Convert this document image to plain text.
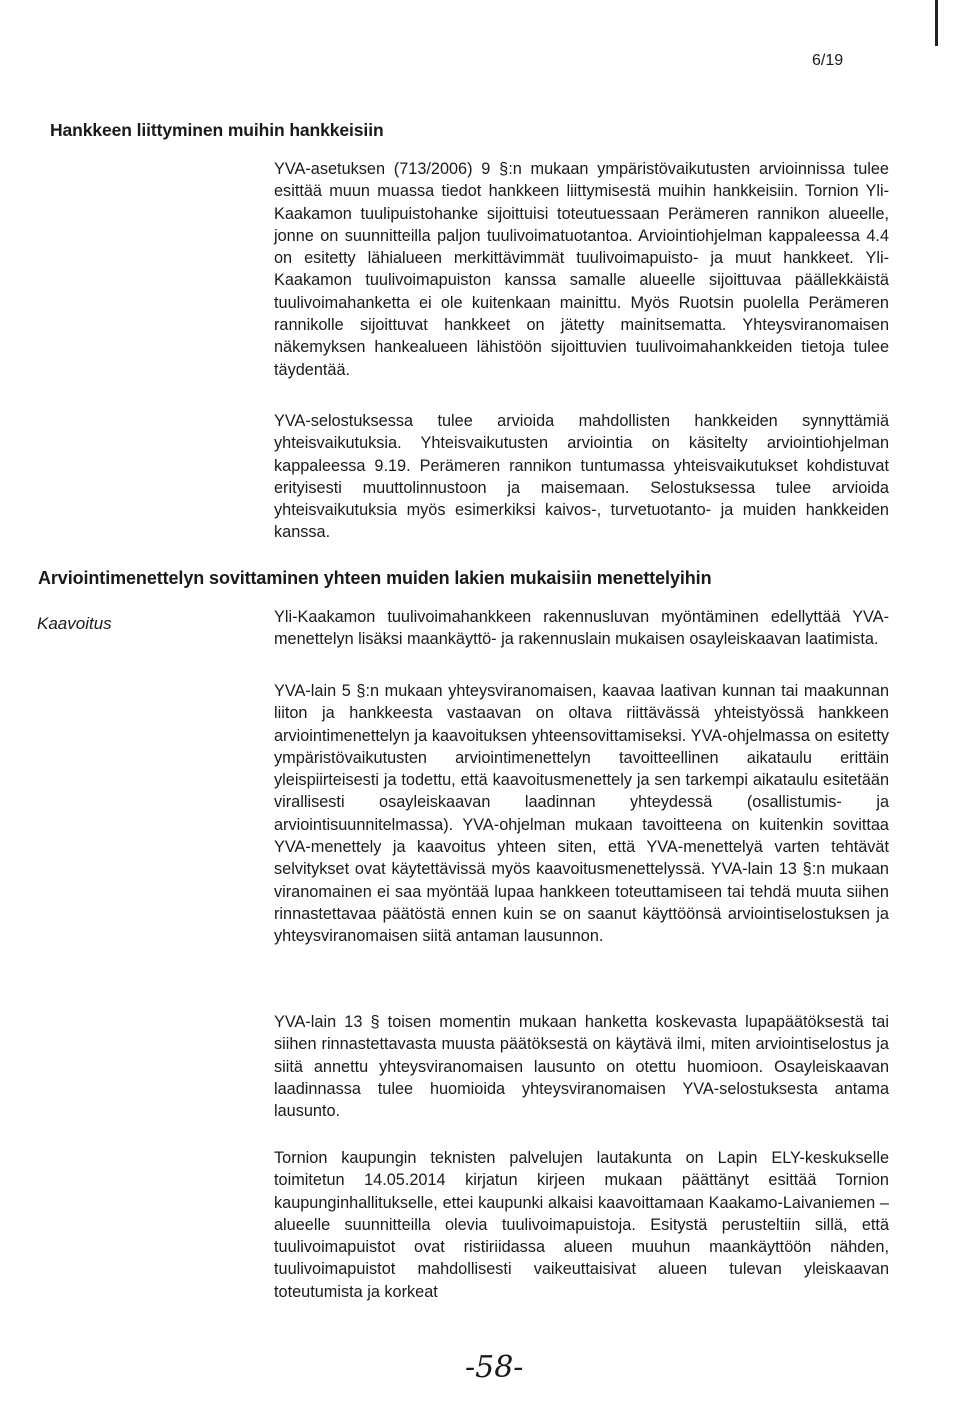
6/19
Hankkeen liittyminen muihin hankkeisiin

YVA-asetuksen (713/2006) 9 §:n mukaan ympäristövaikutusten arvioinnissa tulee esittää muun muassa tiedot hankkeen liittymisestä muihin hankkeisiin. Tornion Yli-Kaakamon tuulipuistohanke sijoittuisi toteutuessaan Perämeren rannikon alueelle, jonne on suunnitteilla paljon tuulivoimatuotantoa. Arviointiohjelman kappaleessa 4.4 on esitetty lähialueen merkittävimmät tuulivoimapuisto- ja muut hankkeet. Yli-Kaakamon tuulivoimapuiston kanssa samalle alueelle sijoittuvaa päällekkäistä tuulivoimahanketta ei ole kuitenkaan mainittu. Myös Ruotsin puolella Perämeren rannikolle sijoittuvat hankkeet on jätetty mainitsematta. Yhteysviranomaisen näkemyksen hankealueen lähistöön sijoittuvien tuulivoimahankkeiden tietoja tulee täydentää.

YVA-selostuksessa tulee arvioida mahdollisten hankkeiden synnyttämiä yhteisvaikutuksia. Yhteisvaikutusten arviointia on käsitelty arviointiohjelman kappaleessa 9.19. Perämeren rannikon tuntumassa yhteisvaikutukset kohdistuvat erityisesti muuttolinnustoon ja maisemaan. Selostuksessa tulee arvioida yhteisvaikutuksia myös esimerkiksi kaivos-, turvetuotanto- ja muiden hankkeiden kanssa.

Arviointimenettelyn sovittaminen yhteen muiden lakien mukaisiin menettelyihin
Kaavoitus	Yli-Kaakamon tuulivoimahankkeen rakennusluvan myöntäminen edellyttää YVA-menettelyn lisäksi maankäyttö- ja rakennuslain mukaisen osayleiskaavan laatimista.

YVA-lain 5 §:n mukaan yhteysviranomaisen, kaavaa laativan kunnan tai maakunnan liiton ja hankkeesta vastaavan on oltava riittävässä yhteistyössä hankkeen arviointimenettelyn ja kaavoituksen yhteensovittamiseksi. YVA-ohjelmassa on esitetty ympäristövaikutusten arviointimenettelyn tavoitteellinen aikataulu erittäin yleispiirteisesti ja todettu, että kaavoitusmenettely ja sen tarkempi aikataulu esitetään virallisesti osayleiskaavan laadinnan yhteydessä (osallistumis- ja arviointisuunnitelmassa). YVA-ohjelman mukaan tavoitteena on kuitenkin sovittaa YVA-menettely ja kaavoitus yhteen siten, että YVA-menettelyä varten tehtävät selvitykset ovat käytettävissä myös kaavoitusmenettelyssä. YVA-lain 13 §:n mukaan viranomainen ei saa myöntää lupaa hankkeen toteuttamiseen tai tehdä muuta siihen rinnastettavaa päätöstä ennen kuin se on saanut käyttöönsä arviointiselostuksen ja yhteysviranomaisen siitä antaman lausunnon.

YVA-lain 13 § toisen momentin mukaan hanketta koskevasta lupapäätöksestä tai siihen rinnastettavasta muusta päätöksestä on käytävä ilmi, miten arviointiselostus ja siitä annettu yhteysviranomaisen lausunto on otettu huomioon. Osayleiskaavan laadinnassa tulee huomioida yhteysviranomaisen YVA-selostuksesta antama lausunto.

Tornion kaupungin teknisten palvelujen lautakunta on Lapin ELY-keskukselle toimitetun 14.05.2014 kirjatun kirjeen mukaan päättänyt esittää Tornion kaupunginhallitukselle, ettei kaupunki alkaisi kaavoittamaan Kaakamo-Laivaniemen –alueelle suunnitteilla olevia tuulivoimapuistoja. Esitystä perusteltiin sillä, että tuulivoimapuistot ovat ristiriidassa alueen muuhun maankäyttöön nähden, tuulivoimapuistot mahdollisesti vaikeuttaisivat alueen tulevan yleiskaavan toteutumista ja korkeat

-58-
